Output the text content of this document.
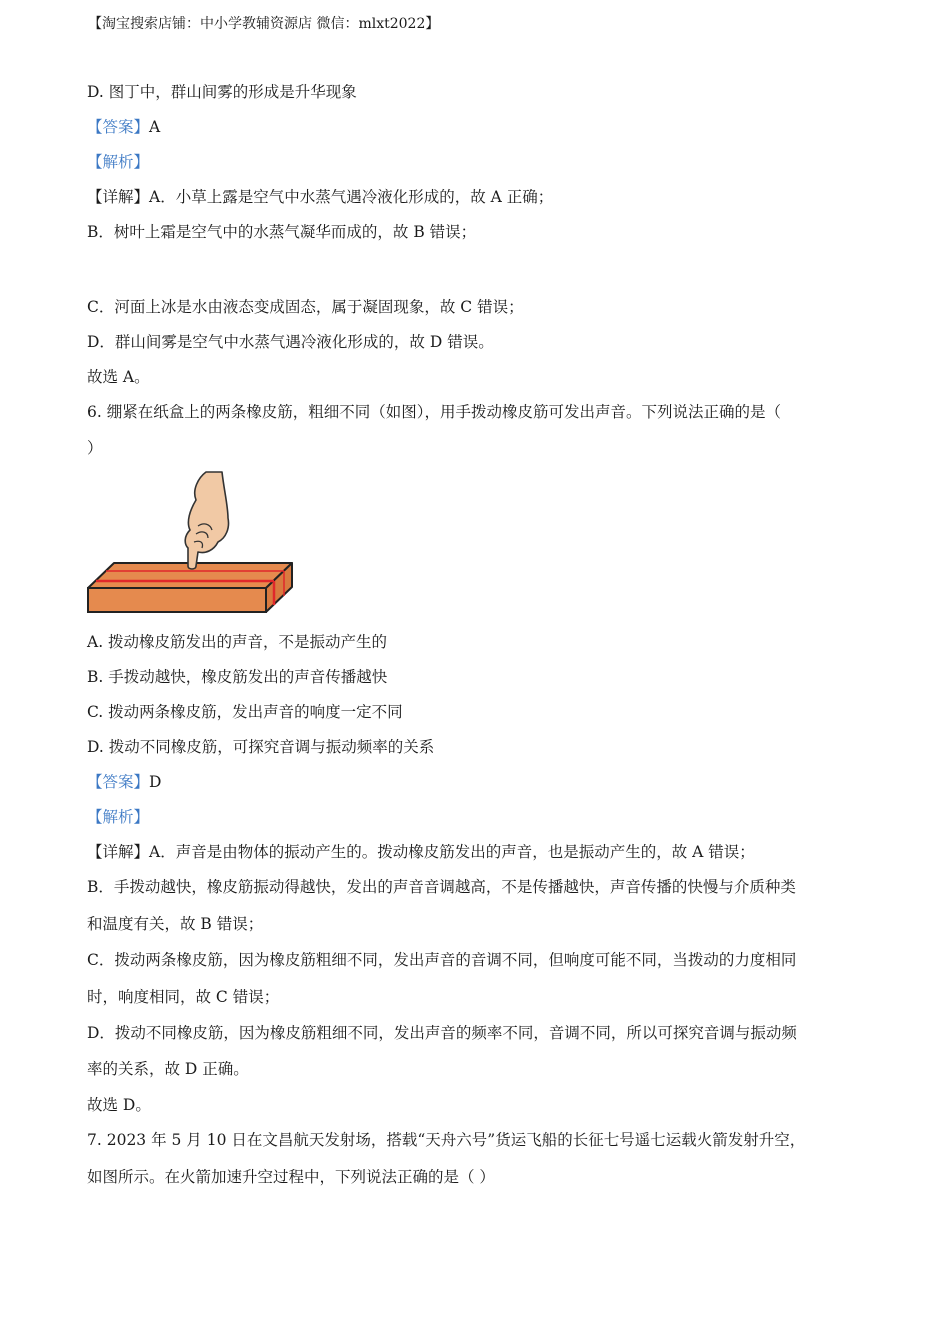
【淘宝搜索店铺：中小学教辅资源店 微信：mlxt2022】
D. 图丁中，群山间雾的形成是升华现象
【答案】A
【解析】
【详解】A．小草上露是空气中水蒸气遇冷液化形成的，故 A 正确；
B．树叶上霜是空气中的水蒸气凝华而成的，故 B 错误；
C．河面上冰是水由液态变成固态，属于凝固现象，故 C 错误；
D．群山间雾是空气中水蒸气遇冷液化形成的，故 D 错误。
故选 A。
6. 绷紧在纸盒上的两条橡皮筋，粗细不同（如图），用手拨动橡皮筋可发出声音。下列说法正确的是（
）
A. 拨动橡皮筋发出的声音，不是振动产生的
B. 手拨动越快，橡皮筋发出的声音传播越快
C. 拨动两条橡皮筋，发出声音的响度一定不同
D. 拨动不同橡皮筋，可探究音调与振动频率的关系
【答案】D
【解析】
【详解】A．声音是由物体的振动产生的。拨动橡皮筋发出的声音，也是振动产生的，故 A 错误；
B．手拨动越快，橡皮筋振动得越快，发出的声音音调越高，不是传播越快，声音传播的快慢与介质种类
和温度有关，故 B 错误；
C．拨动两条橡皮筋，因为橡皮筋粗细不同，发出声音的音调不同，但响度可能不同，当拨动的力度相同
时，响度相同，故 C 错误；
D．拨动不同橡皮筋，因为橡皮筋粗细不同，发出声音的频率不同，音调不同，所以可探究音调与振动频
率的关系，故 D 正确。
故选 D。
7. 2023 年 5 月 10 日在文昌航天发射场，搭载“天舟六号”货运飞船的长征七号遥七运载火箭发射升空，
如图所示。在火箭加速升空过程中，下列说法正确的是（ ）
